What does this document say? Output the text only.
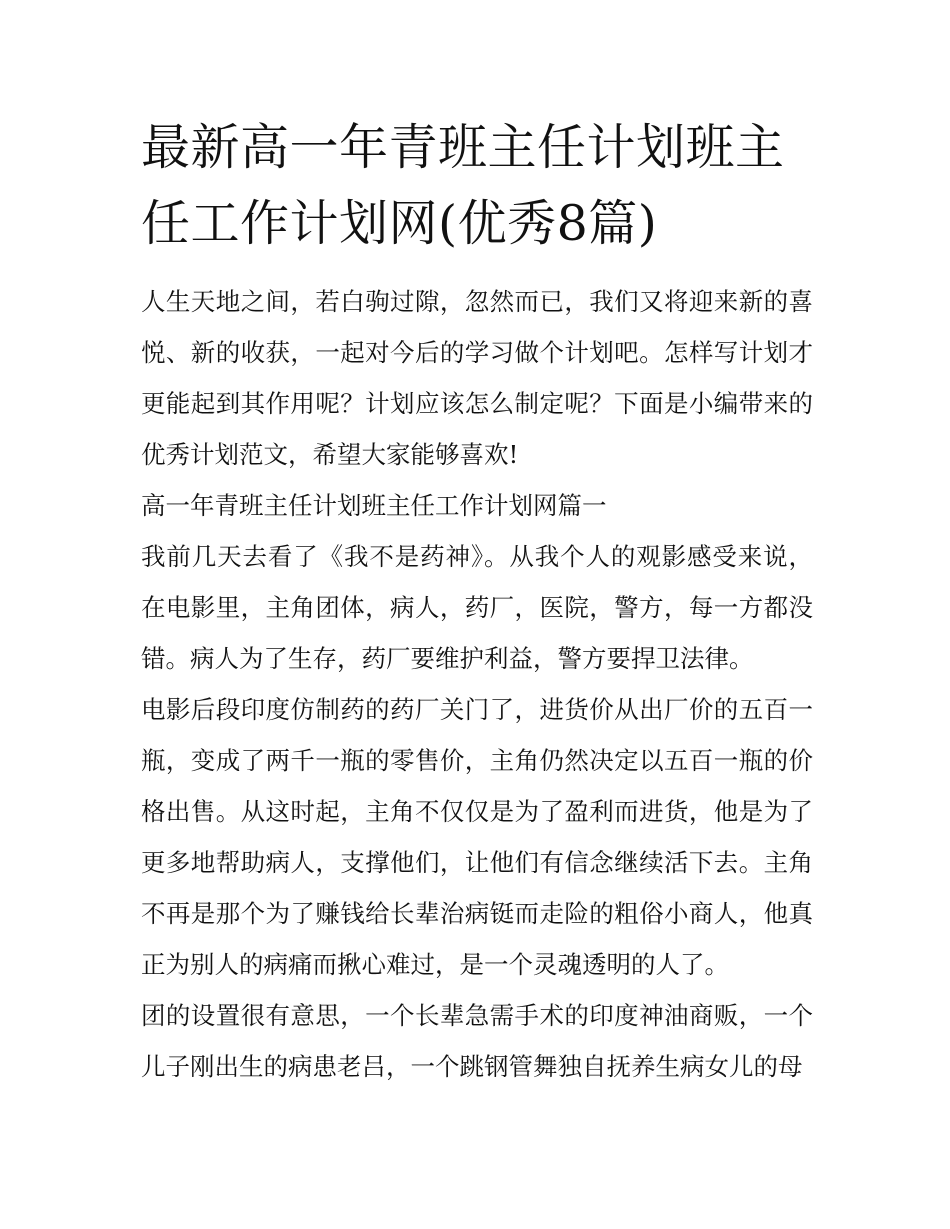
最新高一年青班主任计划班主任工作计划网(优秀8篇)

人生天地之间，若白驹过隙，忽然而已，我们又将迎来新的喜悦、新的收获，一起对今后的学习做个计划吧。怎样写计划才更能起到其作用呢？计划应该怎么制定呢？下面是小编带来的优秀计划范文，希望大家能够喜欢!

高一年青班主任计划班主任工作计划网篇一

我前几天去看了《我不是药神》。从我个人的观影感受来说，在电影里，主角团体，病人，药厂，医院，警方，每一方都没错。病人为了生存，药厂要维护利益，警方要捍卫法律。

电影后段印度仿制药的药厂关门了，进货价从出厂价的五百一瓶，变成了两千一瓶的零售价，主角仍然决定以五百一瓶的价格出售。从这时起，主角不仅仅是为了盈利而进货，他是为了更多地帮助病人，支撑他们，让他们有信念继续活下去。主角不再是那个为了赚钱给长辈治病铤而走险的粗俗小商人，他真正为别人的病痛而揪心难过，是一个灵魂透明的人了。

团的设置很有意思，一个长辈急需手术的印度神油商贩，一个儿子刚出生的病患老吕，一个跳钢管舞独自抚养生病女儿的母
